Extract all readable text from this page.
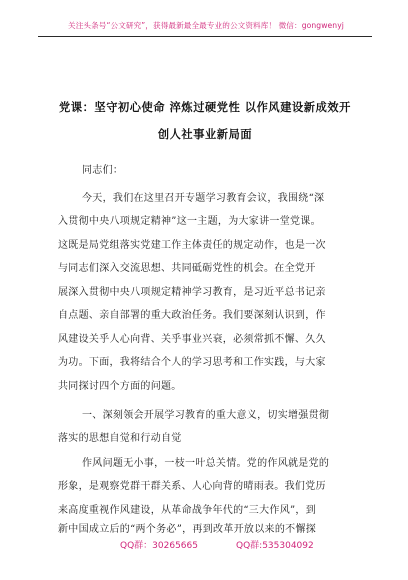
关注头条号“公文研究”，获得最新最全最专业的公文资料库！ 微信：gongwenyj
党课：坚守初心使命 淬炼过硬党性 以作风建设新成效开
创人社事业新局面
同志们：
今天，我们在这里召开专题学习教育会议，我围绕“深
入贯彻中央八项规定精神”这一主题，为大家讲一堂党课。
这既是局党组落实党建工作主体责任的规定动作，也是一次
与同志们深入交流思想、共同砥砺党性的机会。在全党开
展深入贯彻中央八项规定精神学习教育，是习近平总书记亲
自点题、亲自部署的重大政治任务。我们要深刻认识到，作
风建设关乎人心向背、关乎事业兴衰，必须常抓不懈、久久
为功。下面，我将结合个人的学习思考和工作实践，与大家
共同探讨四个方面的问题。
一、深刻领会开展学习教育的重大意义，切实增强贯彻
落实的思想自觉和行动自觉
作风问题无小事，一枝一叶总关情。党的作风就是党的
形象，是观察党群干群关系、人心向背的晴雨表。我们党历
来高度重视作风建设，从革命战争年代的“三大作风”，到
新中国成立后的“两个务必”，再到改革开放以来的不懈探
QQ群：30265665	QQ群:535304092
